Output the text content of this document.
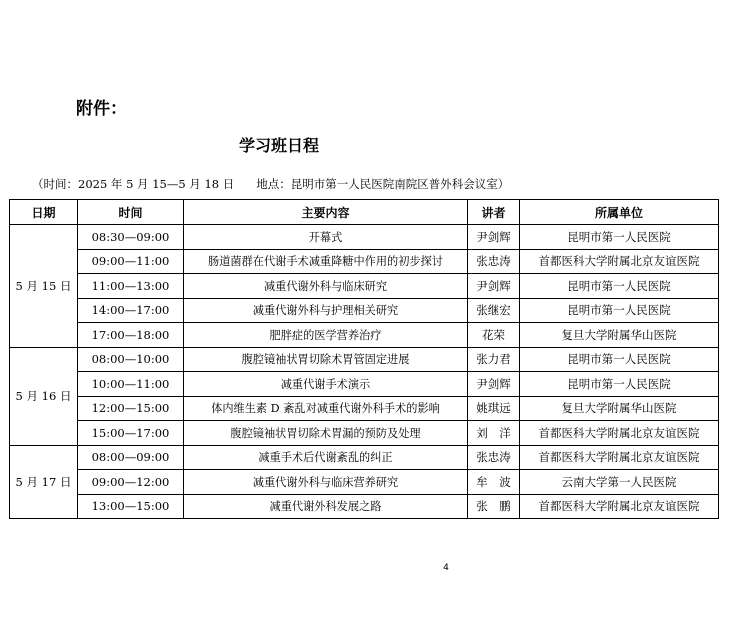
附件：
学习班日程
（时间：2025 年 5 月 15—5 月 18 日 地点：昆明市第一人民医院南院区普外科会议室）
日期	时间	主要内容	讲者	所属单位
5 月 15 日	08:30—09:00	开幕式	尹剑辉	昆明市第一人民医院
	09:00—11:00	肠道菌群在代谢手术减重降糖中作用的初步探讨	张忠涛	首都医科大学附属北京友谊医院
	11:00—13:00	减重代谢外科与临床研究	尹剑辉	昆明市第一人民医院
	14:00—17:00	减重代谢外科与护理相关研究	张继宏	昆明市第一人民医院
	17:00—18:00	肥胖症的医学营养治疗	花荣	复旦大学附属华山医院
5 月 16 日	08:00—10:00	腹腔镜袖状胃切除术胃管固定进展	张力君	昆明市第一人民医院
	10:00—11:00	减重代谢手术演示	尹剑辉	昆明市第一人民医院
	12:00—15:00	体内维生素 D 紊乱对减重代谢外科手术的影响	姚琪远	复旦大学附属华山医院
	15:00—17:00	腹腔镜袖状胃切除术胃漏的预防及处理	刘　洋	首都医科大学附属北京友谊医院
5 月 17 日	08:00—09:00	减重手术后代谢紊乱的纠正	张忠涛	首都医科大学附属北京友谊医院
	09:00—12:00	减重代谢外科与临床营养研究	牟　波	云南大学第一人民医院
	13:00—15:00	减重代谢外科发展之路	张　鹏	首都医科大学附属北京友谊医院
4
